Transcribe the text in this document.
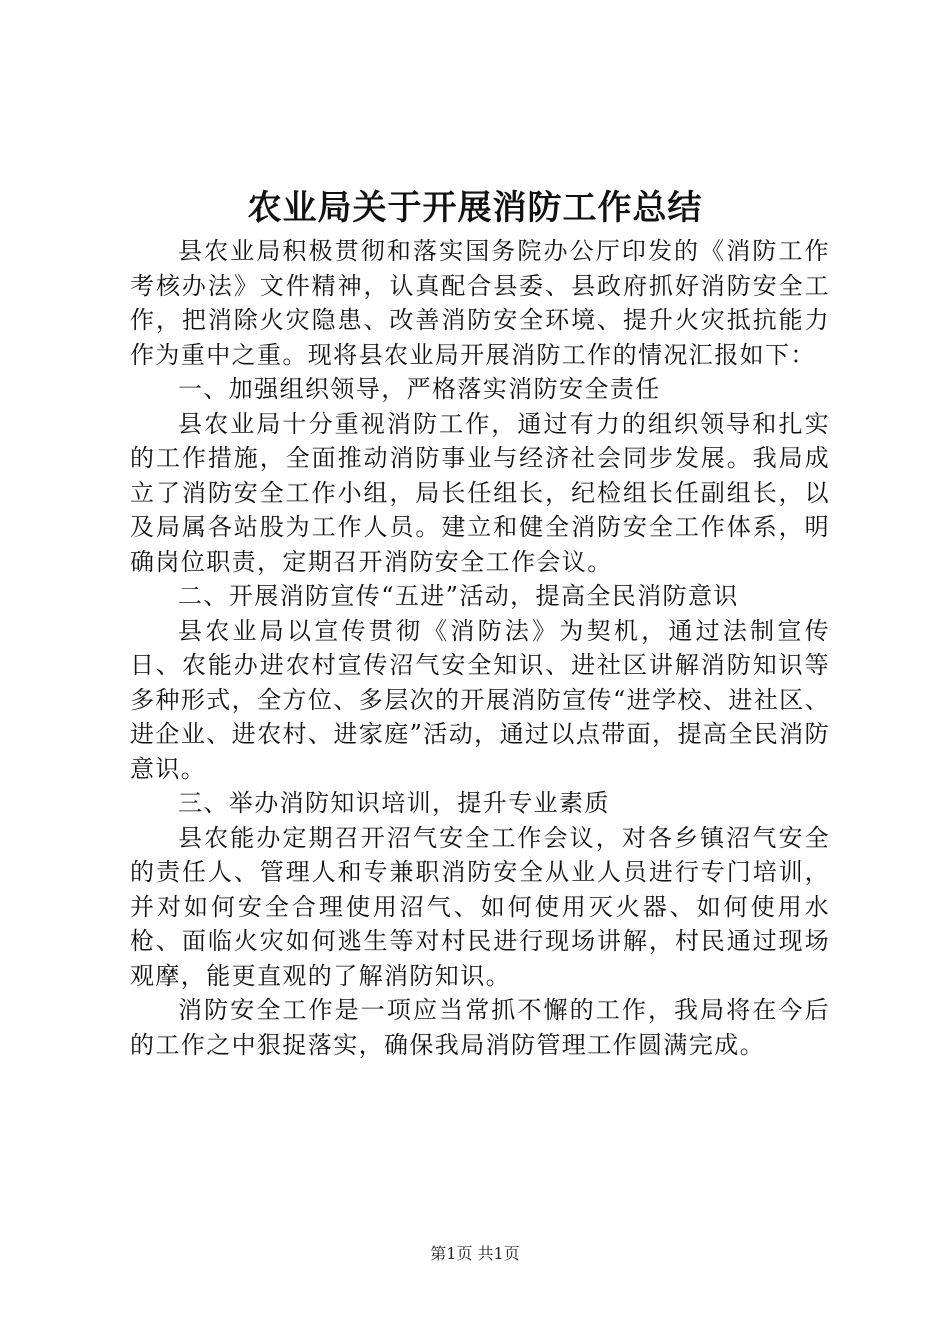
农业局关于开展消防工作总结

县农业局积极贯彻和落实国务院办公厅印发的《消防工作考核办法》文件精神，认真配合县委、县政府抓好消防安全工作，把消除火灾隐患、改善消防安全环境、提升火灾抵抗能力作为重中之重。现将县农业局开展消防工作的情况汇报如下：

一、加强组织领导，严格落实消防安全责任

县农业局十分重视消防工作，通过有力的组织领导和扎实的工作措施，全面推动消防事业与经济社会同步发展。我局成立了消防安全工作小组，局长任组长，纪检组长任副组长，以及局属各站股为工作人员。建立和健全消防安全工作体系，明确岗位职责，定期召开消防安全工作会议。

二、开展消防宣传“五进”活动，提高全民消防意识

县农业局以宣传贯彻《消防法》为契机，通过法制宣传日、农能办进农村宣传沼气安全知识、进社区讲解消防知识等多种形式，全方位、多层次的开展消防宣传“进学校、进社区、进企业、进农村、进家庭”活动，通过以点带面，提高全民消防意识。

三、举办消防知识培训，提升专业素质

县农能办定期召开沼气安全工作会议，对各乡镇沼气安全的责任人、管理人和专兼职消防安全从业人员进行专门培训，并对如何安全合理使用沼气、如何使用灭火器、如何使用水枪、面临火灾如何逃生等对村民进行现场讲解，村民通过现场观摩，能更直观的了解消防知识。

消防安全工作是一项应当常抓不懈的工作，我局将在今后的工作之中狠捉落实，确保我局消防管理工作圆满完成。

第1页 共1页
